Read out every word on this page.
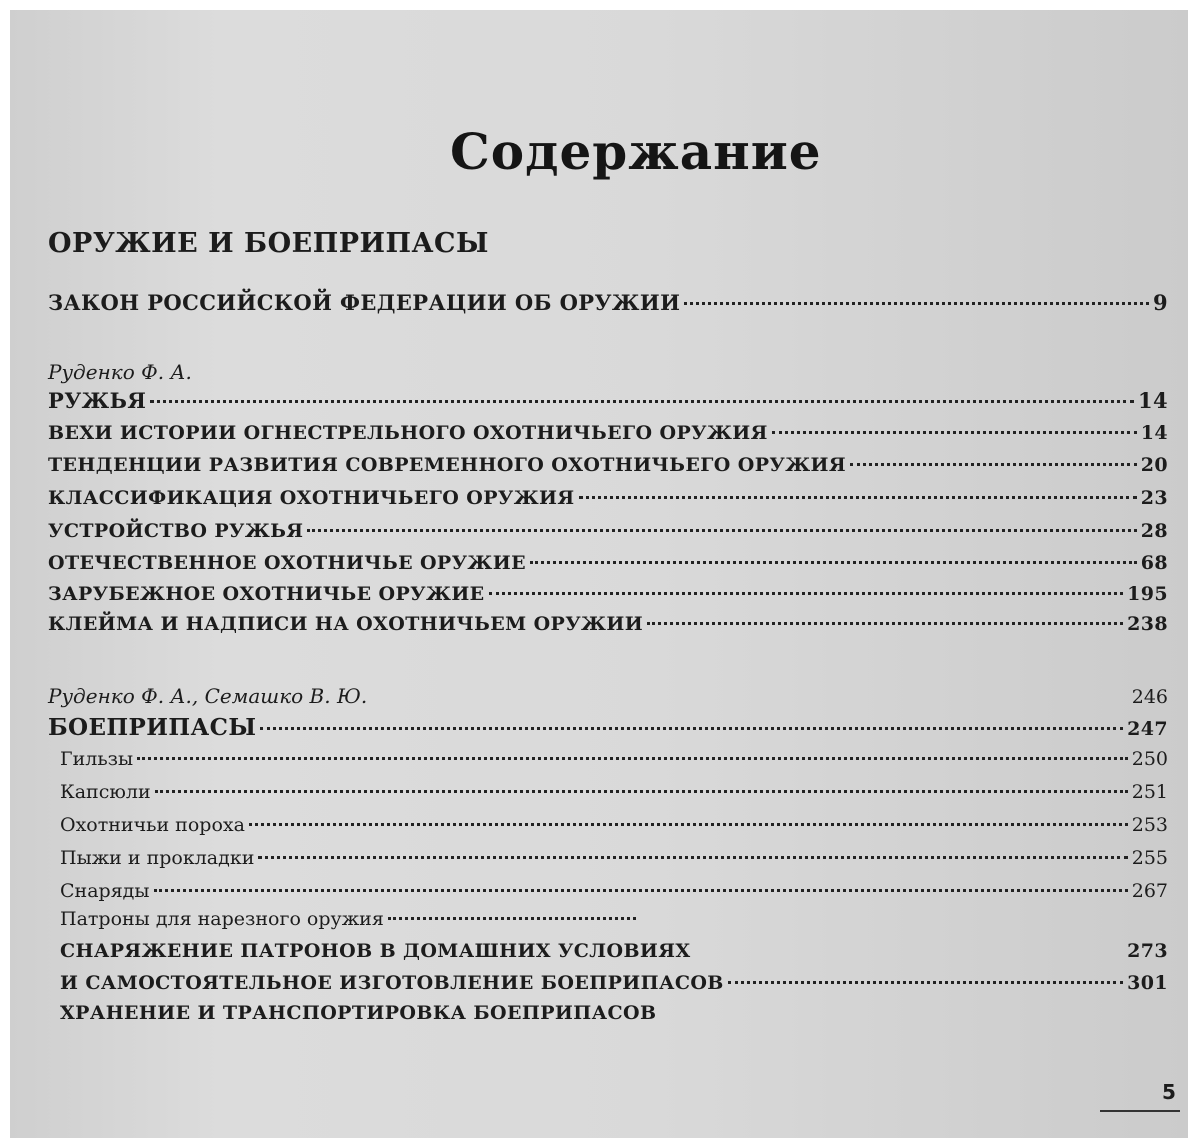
Содержание
ОРУЖИЕ И БОЕПРИПАСЫ
ЗАКОН РОССИЙСКОЙ ФЕДЕРАЦИИ ОБ ОРУЖИИ	9
Руденко Ф. А.
РУЖЬЯ	14
ВЕХИ ИСТОРИИ ОГНЕСТРЕЛЬНОГО ОХОТНИЧЬЕГО ОРУЖИЯ	14
ТЕНДЕНЦИИ РАЗВИТИЯ СОВРЕМЕННОГО ОХОТНИЧЬЕГО ОРУЖИЯ	20
КЛАССИФИКАЦИЯ ОХОТНИЧЬЕГО ОРУЖИЯ	23
УСТРОЙСТВО РУЖЬЯ	28
ОТЕЧЕСТВЕННОЕ ОХОТНИЧЬЕ ОРУЖИЕ	68
ЗАРУБЕЖНОЕ ОХОТНИЧЬЕ ОРУЖИЕ	195
КЛЕЙМА И НАДПИСИ НА ОХОТНИЧЬЕМ ОРУЖИИ	238
Руденко Ф. А., Семашко В. Ю.	246
БОЕПРИПАСЫ	247
Гильзы	250
Капсюли	251
Охотничьи пороха	253
Пыжи и прокладки	255
Снаряды	267
Патроны для нарезного оружия
СНАРЯЖЕНИЕ ПАТРОНОВ В ДОМАШНИХ УСЛОВИЯХ	273
И САМОСТОЯТЕЛЬНОЕ ИЗГОТОВЛЕНИЕ БОЕПРИПАСОВ	301
ХРАНЕНИЕ И ТРАНСПОРТИРОВКА БОЕПРИПАСОВ
5
